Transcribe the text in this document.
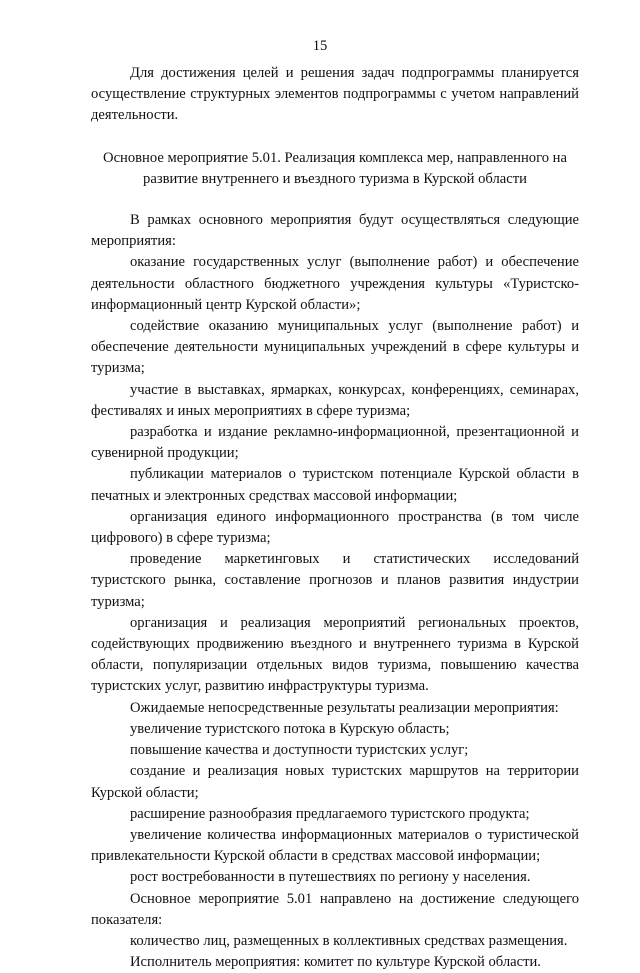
15

Для достижения целей и решения задач подпрограммы планируется осуществление структурных элементов подпрограммы с учетом направлений деятельности.

Основное мероприятие 5.01. Реализация комплекса мер, направленного на развитие внутреннего и въездного туризма в Курской области

В рамках основного мероприятия будут осуществляться следующие мероприятия:

оказание государственных услуг (выполнение работ) и обеспечение деятельности областного бюджетного учреждения культуры «Туристско-информационный центр Курской области»;

содействие оказанию муниципальных услуг (выполнение работ) и обеспечение деятельности муниципальных учреждений в сфере культуры и туризма;

участие в выставках, ярмарках, конкурсах, конференциях, семинарах, фестивалях и иных мероприятиях в сфере туризма;

разработка и издание рекламно-информационной, презентационной и сувенирной продукции;

публикации материалов о туристском потенциале Курской области в печатных и электронных средствах массовой информации;

организация единого информационного пространства (в том числе цифрового) в сфере туризма;

проведение маркетинговых и статистических исследований туристского рынка, составление прогнозов и планов развития индустрии туризма;

организация и реализация мероприятий региональных проектов, содействующих продвижению въездного и внутреннего туризма в Курской области, популяризации отдельных видов туризма, повышению качества туристских услуг, развитию инфраструктуры туризма.

Ожидаемые непосредственные результаты реализации мероприятия:

увеличение туристского потока в Курскую область;

повышение качества и доступности туристских услуг;

создание и реализация новых туристских маршрутов на территории Курской области;

расширение разнообразия предлагаемого туристского продукта;

увеличение количества информационных материалов о туристической привлекательности Курской области в средствах массовой информации;

рост востребованности в путешествиях по региону у населения.

Основное мероприятие 5.01 направлено на достижение следующего показателя:

количество лиц, размещенных в коллективных средствах размещения.

Исполнитель мероприятия: комитет по культуре Курской области.
